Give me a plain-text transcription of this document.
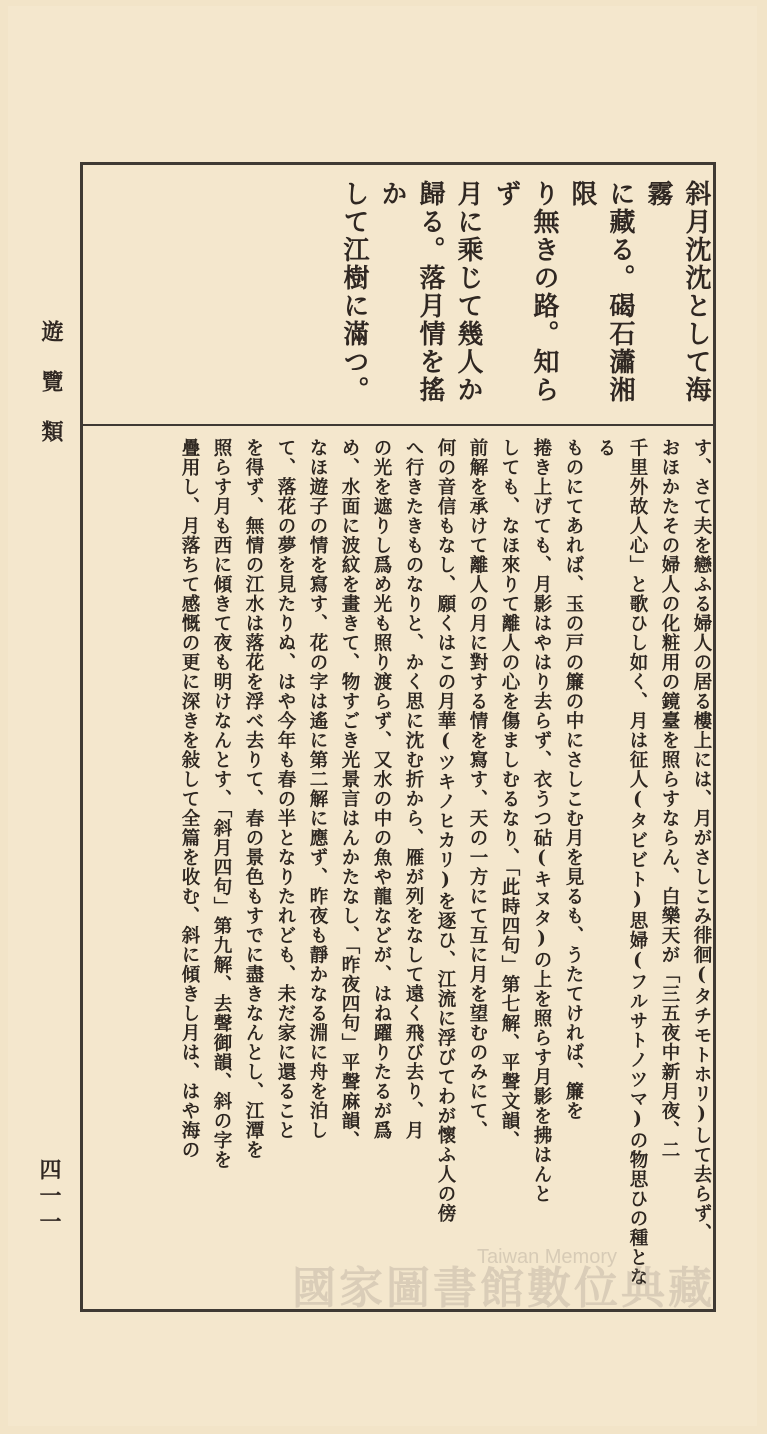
遊覽類
四一一
斜月沈沈として海霧
に藏る。碣石瀟湘限
り無きの路。知らず
月に乘じて幾人か
歸る。落月情を搖か
して江樹に滿つ。
す、さて夫を戀ふる婦人の居る樓上には、月がさしこみ徘徊(タチモトホリ)して去らず、
おほかたその婦人の化粧用の鏡臺を照らすならん、白樂天が「三五夜中新月夜、二
千里外故人心」と歌ひし如く、月は征人(タビビト)思婦(フルサトノツマ)の物思ひの種となる
ものにてあれば、玉の戸の簾の中にさしこむ月を見るも、うたてければ、簾を
捲き上げても、月影はやはり去らず、衣うつ砧(キヌタ)の上を照らす月影を拂はんと
しても、なほ來りて離人の心を傷ましむるなり、「此時四句」第七解、平聲文韻、
前解を承けて離人の月に對する情を寫す、天の一方にて互に月を望むのみにて、
何の音信もなし、願くはこの月華(ツキノヒカリ)を逐ひ、江流に浮びてわが懷ふ人の傍
へ行きたきものなりと、かく思に沈む折から、雁が列をなして遠く飛び去り、月
の光を遮りし爲め光も照り渡らず、又水の中の魚や龍などが、はね躍りたるが爲
め、水面に波紋を畫きて、物すごき光景言はんかたなし、「昨夜四句」平聲麻韻、
なほ遊子の情を寫す、花の字は遙に第二解に應ず、昨夜も靜かなる淵に舟を泊し
て、落花の夢を見たりぬ、はや今年も春の半となりたれども、未だ家に還ること
を得ず、無情の江水は落花を浮べ去りて、春の景色もすでに盡きなんとし、江潭を
照らす月も西に傾きて夜も明けなんとす、「斜月四句」第九解、去聲御韻、斜の字を
疊用し、月落ちて感慨の更に深きを敍して全篇を收む、斜に傾きし月は、はや海の
Taiwan Memory
國家圖書館數位典藏
